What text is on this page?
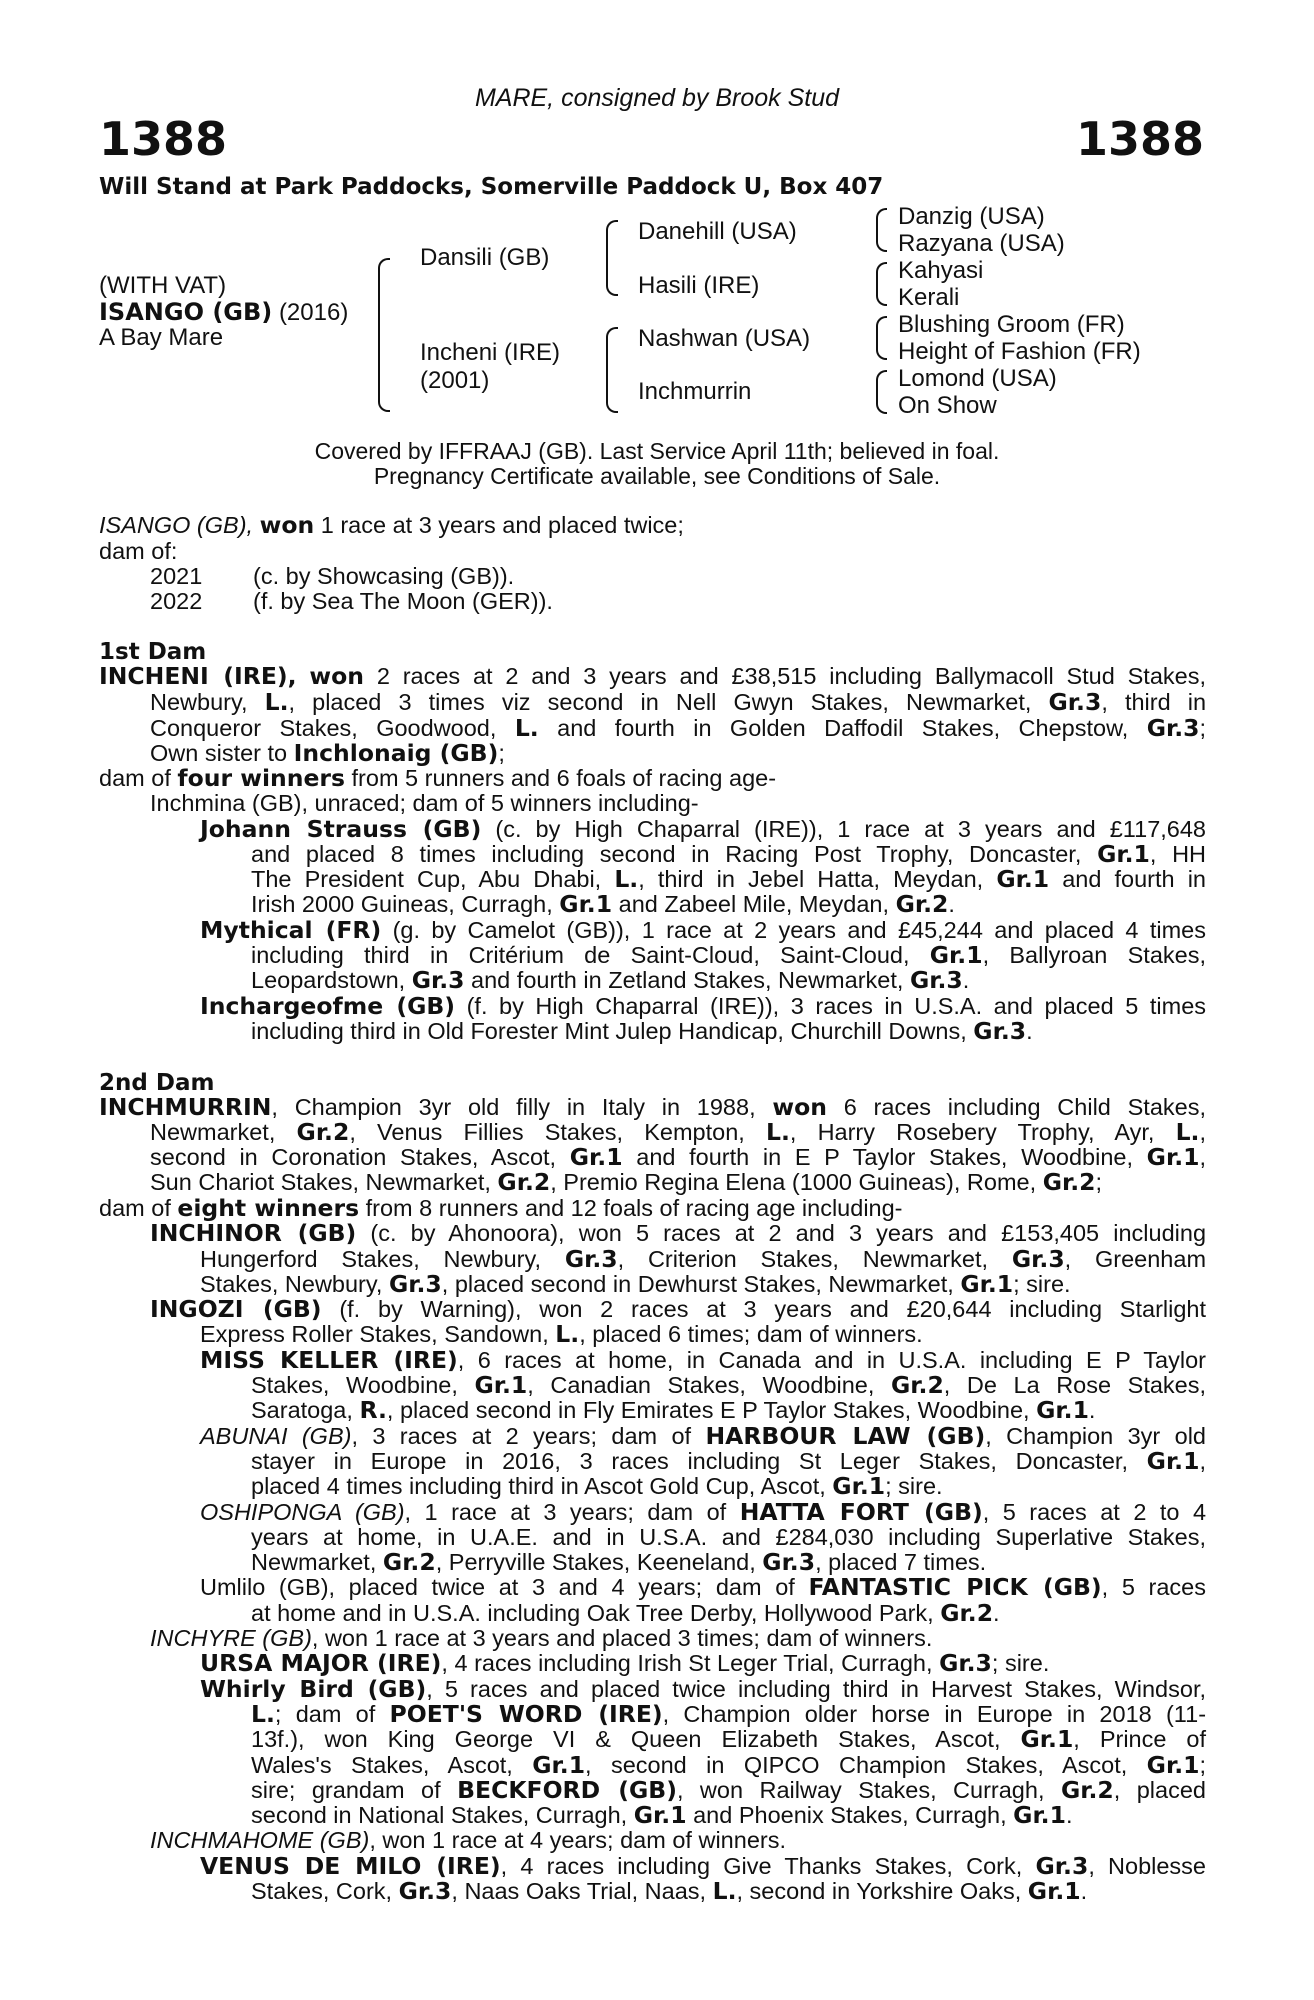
MARE, consigned by Brook Stud
1388	1388
Will Stand at Park Paddocks, Somerville Paddock U, Box 407
(WITH VAT)
ISANGO (GB) (2016)
A Bay Mare
Dansili (GB)
Incheni (IRE)
(2001)
Danehill (USA)
Hasili (IRE)
Nashwan (USA)
Inchmurrin
Danzig (USA)
Razyana (USA)
Kahyasi
Kerali
Blushing Groom (FR)
Height of Fashion (FR)
Lomond (USA)
On Show
Covered by IFFRAAJ (GB). Last Service April 11th; believed in foal.
Pregnancy Certificate available, see Conditions of Sale.
ISANGO (GB), won 1 race at 3 years and placed twice;
dam of:
2021 (c. by Showcasing (GB)).
2022 (f. by Sea The Moon (GER)).
1st Dam
INCHENI (IRE), won 2 races at 2 and 3 years and £38,515 including Ballymacoll Stud Stakes,
Newbury, L., placed 3 times viz second in Nell Gwyn Stakes, Newmarket, Gr.3, third in
Conqueror Stakes, Goodwood, L. and fourth in Golden Daffodil Stakes, Chepstow, Gr.3;
Own sister to Inchlonaig (GB);
dam of four winners from 5 runners and 6 foals of racing age-
Inchmina (GB), unraced; dam of 5 winners including-
Johann Strauss (GB) (c. by High Chaparral (IRE)), 1 race at 3 years and £117,648
and placed 8 times including second in Racing Post Trophy, Doncaster, Gr.1, HH
The President Cup, Abu Dhabi, L., third in Jebel Hatta, Meydan, Gr.1 and fourth in
Irish 2000 Guineas, Curragh, Gr.1 and Zabeel Mile, Meydan, Gr.2.
Mythical (FR) (g. by Camelot (GB)), 1 race at 2 years and £45,244 and placed 4 times
including third in Critérium de Saint-Cloud, Saint-Cloud, Gr.1, Ballyroan Stakes,
Leopardstown, Gr.3 and fourth in Zetland Stakes, Newmarket, Gr.3.
Inchargeofme (GB) (f. by High Chaparral (IRE)), 3 races in U.S.A. and placed 5 times
including third in Old Forester Mint Julep Handicap, Churchill Downs, Gr.3.
2nd Dam
INCHMURRIN, Champion 3yr old filly in Italy in 1988, won 6 races including Child Stakes,
Newmarket, Gr.2, Venus Fillies Stakes, Kempton, L., Harry Rosebery Trophy, Ayr, L.,
second in Coronation Stakes, Ascot, Gr.1 and fourth in E P Taylor Stakes, Woodbine, Gr.1,
Sun Chariot Stakes, Newmarket, Gr.2, Premio Regina Elena (1000 Guineas), Rome, Gr.2;
dam of eight winners from 8 runners and 12 foals of racing age including-
INCHINOR (GB) (c. by Ahonoora), won 5 races at 2 and 3 years and £153,405 including
Hungerford Stakes, Newbury, Gr.3, Criterion Stakes, Newmarket, Gr.3, Greenham
Stakes, Newbury, Gr.3, placed second in Dewhurst Stakes, Newmarket, Gr.1; sire.
INGOZI (GB) (f. by Warning), won 2 races at 3 years and £20,644 including Starlight
Express Roller Stakes, Sandown, L., placed 6 times; dam of winners.
MISS KELLER (IRE), 6 races at home, in Canada and in U.S.A. including E P Taylor
Stakes, Woodbine, Gr.1, Canadian Stakes, Woodbine, Gr.2, De La Rose Stakes,
Saratoga, R., placed second in Fly Emirates E P Taylor Stakes, Woodbine, Gr.1.
ABUNAI (GB), 3 races at 2 years; dam of HARBOUR LAW (GB), Champion 3yr old
stayer in Europe in 2016, 3 races including St Leger Stakes, Doncaster, Gr.1,
placed 4 times including third in Ascot Gold Cup, Ascot, Gr.1; sire.
OSHIPONGA (GB), 1 race at 3 years; dam of HATTA FORT (GB), 5 races at 2 to 4
years at home, in U.A.E. and in U.S.A. and £284,030 including Superlative Stakes,
Newmarket, Gr.2, Perryville Stakes, Keeneland, Gr.3, placed 7 times.
Umlilo (GB), placed twice at 3 and 4 years; dam of FANTASTIC PICK (GB), 5 races
at home and in U.S.A. including Oak Tree Derby, Hollywood Park, Gr.2.
INCHYRE (GB), won 1 race at 3 years and placed 3 times; dam of winners.
URSA MAJOR (IRE), 4 races including Irish St Leger Trial, Curragh, Gr.3; sire.
Whirly Bird (GB), 5 races and placed twice including third in Harvest Stakes, Windsor,
L.; dam of POET'S WORD (IRE), Champion older horse in Europe in 2018 (11-
13f.), won King George VI & Queen Elizabeth Stakes, Ascot, Gr.1, Prince of
Wales's Stakes, Ascot, Gr.1, second in QIPCO Champion Stakes, Ascot, Gr.1;
sire; grandam of BECKFORD (GB), won Railway Stakes, Curragh, Gr.2, placed
second in National Stakes, Curragh, Gr.1 and Phoenix Stakes, Curragh, Gr.1.
INCHMAHOME (GB), won 1 race at 4 years; dam of winners.
VENUS DE MILO (IRE), 4 races including Give Thanks Stakes, Cork, Gr.3, Noblesse
Stakes, Cork, Gr.3, Naas Oaks Trial, Naas, L., second in Yorkshire Oaks, Gr.1.
